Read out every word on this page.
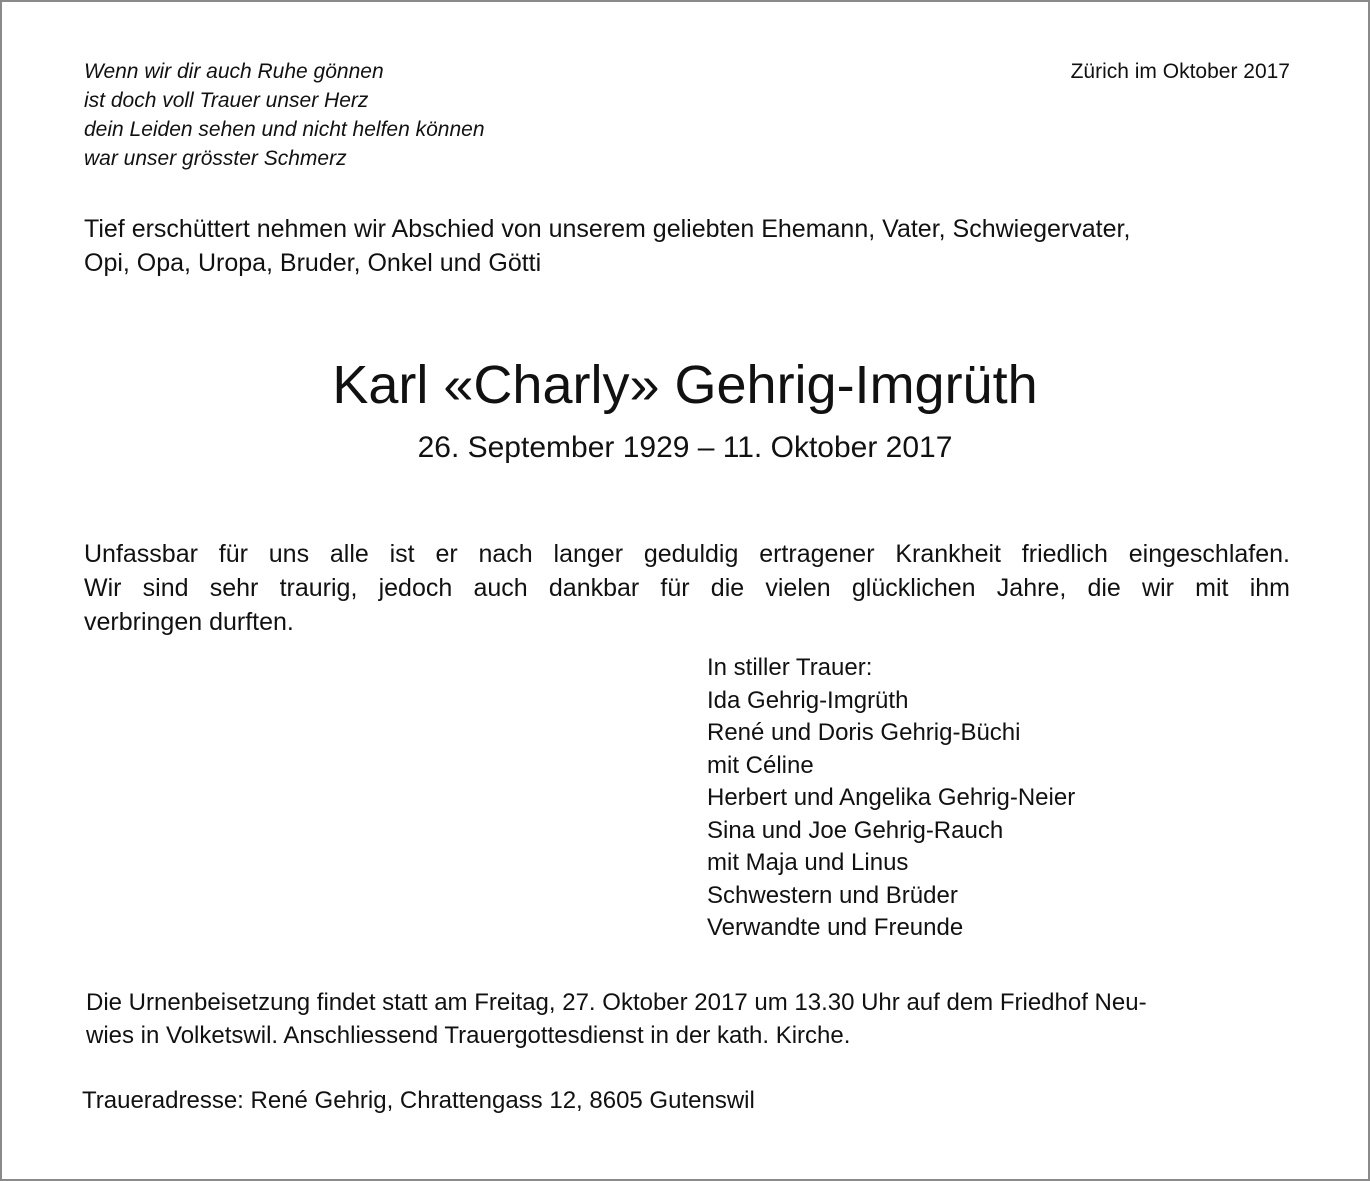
Wenn wir dir auch Ruhe gönnen
ist doch voll Trauer unser Herz
dein Leiden sehen und nicht helfen können
war unser grösster Schmerz
Zürich im Oktober 2017
Tief erschüttert nehmen wir Abschied von unserem geliebten Ehemann, Vater, Schwiegervater,
Opi, Opa, Uropa, Bruder, Onkel und Götti
Karl «Charly» Gehrig-Imgrüth
26. September 1929 – 11. Oktober 2017
Unfassbar für uns alle ist er nach langer geduldig ertragener Krankheit friedlich eingeschlafen.
Wir sind sehr traurig, jedoch auch dankbar für die vielen glücklichen Jahre, die wir mit ihm
verbringen durften.
In stiller Trauer:
Ida Gehrig-Imgrüth
René und Doris Gehrig-Büchi
mit Céline
Herbert und Angelika Gehrig-Neier
Sina und Joe Gehrig-Rauch
mit Maja und Linus
Schwestern und Brüder
Verwandte und Freunde
Die Urnenbeisetzung findet statt am Freitag, 27. Oktober 2017 um 13.30 Uhr auf dem Friedhof Neu-
wies in Volketswil. Anschliessend Trauergottesdienst in der kath. Kirche.
Traueradresse: René Gehrig, Chrattengass 12, 8605 Gutenswil
